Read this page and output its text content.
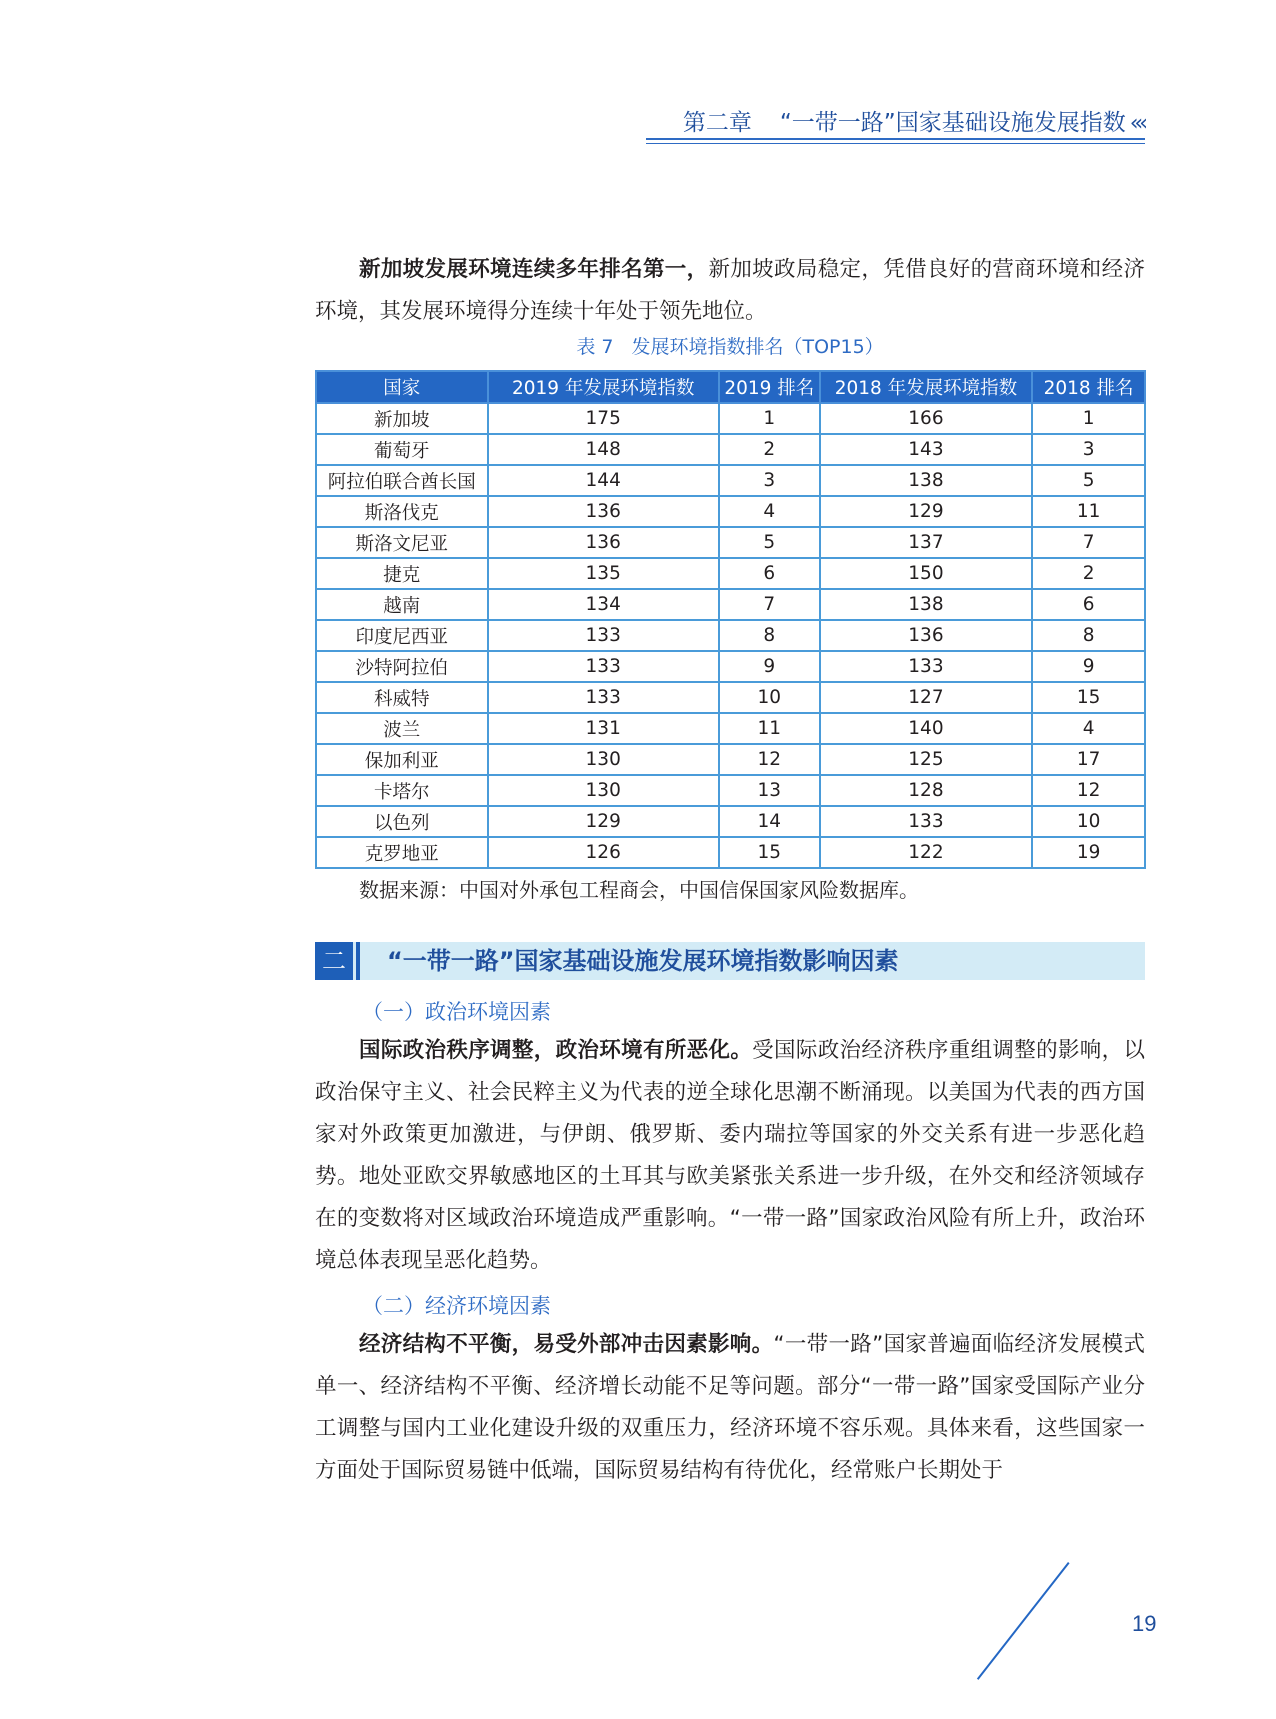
第二章 “一带一路”国家基础设施发展指数 «‹
新加坡发展环境连续多年排名第一，新加坡政局稳定，凭借良好的营商环境和经济环境，其发展环境得分连续十年处于领先地位。
表 7 发展环境指数排名（TOP15）
国家	2019 年发展环境指数	2019 排名	2018 年发展环境指数	2018 排名
新加坡	175	1	166	1
葡萄牙	148	2	143	3
阿拉伯联合酋长国	144	3	138	5
斯洛伐克	136	4	129	11
斯洛文尼亚	136	5	137	7
捷克	135	6	150	2
越南	134	7	138	6
印度尼西亚	133	8	136	8
沙特阿拉伯	133	9	133	9
科威特	133	10	127	15
波兰	131	11	140	4
保加利亚	130	12	125	17
卡塔尔	130	13	128	12
以色列	129	14	133	10
克罗地亚	126	15	122	19
数据来源：中国对外承包工程商会，中国信保国家风险数据库。
二 “一带一路”国家基础设施发展环境指数影响因素
（一）政治环境因素
国际政治秩序调整，政治环境有所恶化。受国际政治经济秩序重组调整的影响，以政治保守主义、社会民粹主义为代表的逆全球化思潮不断涌现。以美国为代表的西方国家对外政策更加激进，与伊朗、俄罗斯、委内瑞拉等国家的外交关系有进一步恶化趋势。地处亚欧交界敏感地区的土耳其与欧美紧张关系进一步升级，在外交和经济领域存在的变数将对区域政治环境造成严重影响。“一带一路”国家政治风险有所上升，政治环境总体表现呈恶化趋势。
（二）经济环境因素
经济结构不平衡，易受外部冲击因素影响。“一带一路”国家普遍面临经济发展模式单一、经济结构不平衡、经济增长动能不足等问题。部分“一带一路”国家受国际产业分工调整与国内工业化建设升级的双重压力，经济环境不容乐观。具体来看，这些国家一方面处于国际贸易链中低端，国际贸易结构有待优化，经常账户长期处于
19
